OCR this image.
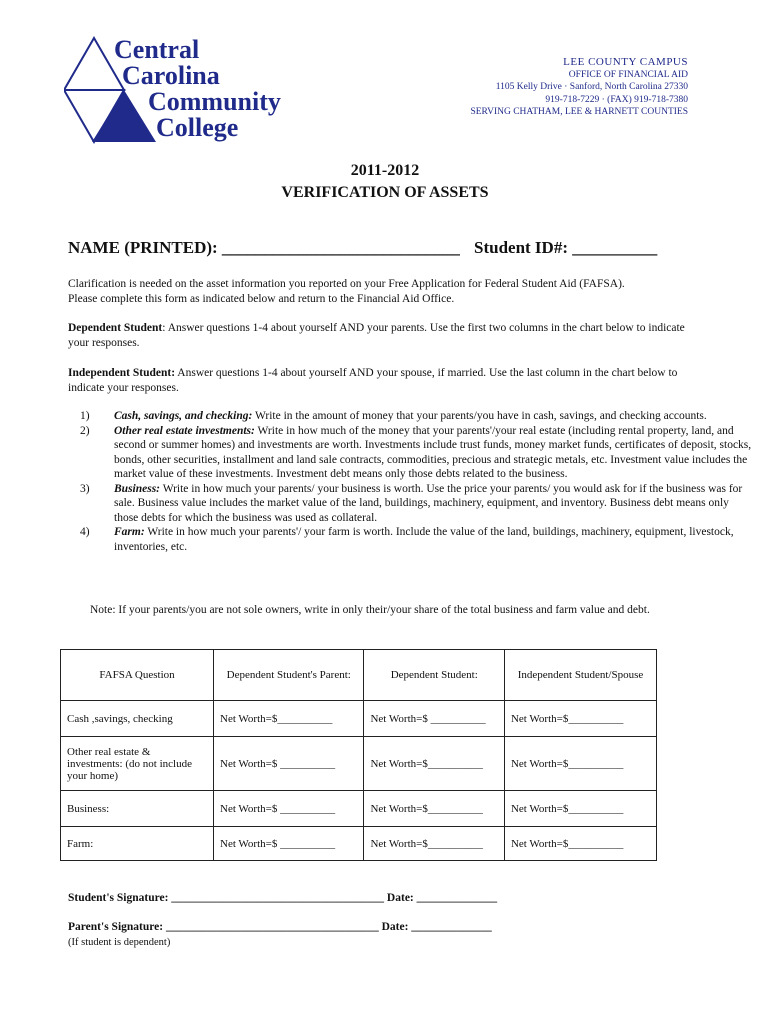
Central
Carolina
Community
College
LEE COUNTY CAMPUS
OFFICE OF FINANCIAL AID
1105 Kelly Drive · Sanford, North Carolina 27330
919-718-7229 · (FAX) 919-718-7380
SERVING CHATHAM, LEE & HARNETT COUNTIES
2011-2012
VERIFICATION OF ASSETS
NAME (PRINTED): ____________________________ Student ID#: __________
Clarification is needed on the asset information you reported on your Free Application for Federal Student Aid (FAFSA).
Please complete this form as indicated below and return to the Financial Aid Office.
Dependent Student: Answer questions 1-4 about yourself AND your parents. Use the first two columns in the chart below to indicate your responses.
Independent Student: Answer questions 1-4 about yourself AND your spouse, if married. Use the last column in the chart below to indicate your responses.
1)	Cash, savings, and checking: Write in the amount of money that your parents/you have in cash, savings, and checking accounts.
2)	Other real estate investments: Write in how much of the money that your parents'/your real estate (including rental property, land, and second or summer homes) and investments are worth. Investments include trust funds, money market funds, certificates of deposit, stocks, bonds, other securities, installment and land sale contracts, commodities, precious and strategic metals, etc. Investment value includes the market value of these investments. Investment debt means only those debts related to the business.
3)	Business: Write in how much your parents/ your business is worth. Use the price your parents/ you would ask for if the business was for sale. Business value includes the market value of the land, buildings, machinery, equipment, and inventory. Business debt means only those debts for which the business was used as collateral.
4)	Farm: Write in how much your parents'/ your farm is worth. Include the value of the land, buildings, machinery, equipment, livestock, inventories, etc.
Note: If your parents/you are not sole owners, write in only their/your share of the total business and farm value and debt.
FAFSA Question	Dependent Student's Parent:	Dependent Student:	Independent Student/Spouse
Cash ,savings, checking	Net Worth=$__________	Net Worth=$ __________	Net Worth=$__________
Other real estate & investments: (do not include your home)	Net Worth=$ __________	Net Worth=$__________	Net Worth=$__________
Business:	Net Worth=$ __________	Net Worth=$__________	Net Worth=$__________
Farm:	Net Worth=$ __________	Net Worth=$__________	Net Worth=$__________
Student's Signature: _____________________________________ Date: ______________
Parent's Signature: _____________________________________ Date: ______________
(If student is dependent)
